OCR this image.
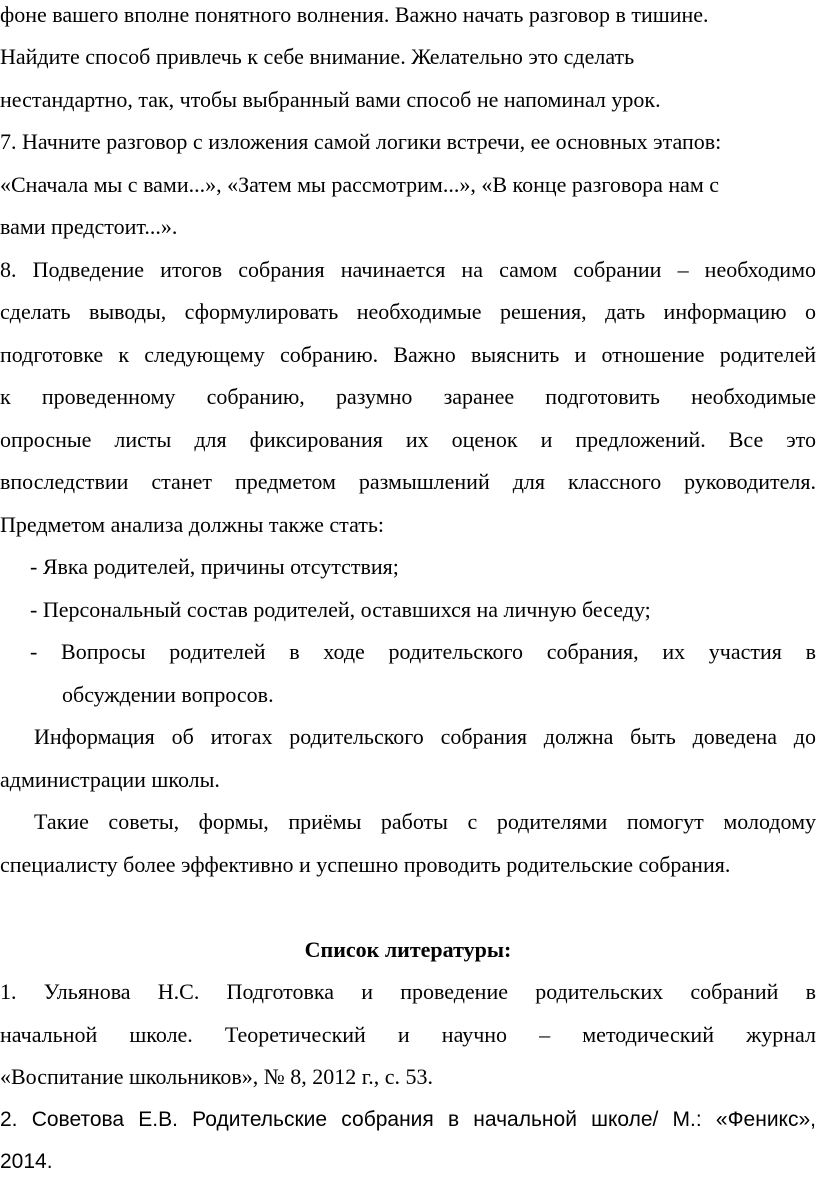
фоне вашего вполне понятного волнения. Важно начать разговор в тишине.
Найдите способ привлечь к себе внимание. Желательно это сделать
нестандартно, так, чтобы выбранный вами способ не напоминал урок.
7. Начните разговор с изложения самой логики встречи, ее основных этапов:
«Сначала мы с вами...», «Затем мы рассмотрим...», «В конце разговора нам с
вами предстоит...».
8. Подведение итогов собрания начинается на самом собрании – необходимо
сделать выводы, сформулировать необходимые решения, дать информацию о
подготовке к следующему собранию. Важно выяснить и отношение родителей
к проведенному собранию, разумно заранее подготовить необходимые
опросные листы для фиксирования их оценок и предложений. Все это
впоследствии станет предметом размышлений для классного руководителя.
Предметом анализа должны также стать:
- Явка родителей, причины отсутствия;
- Персональный состав родителей, оставшихся на личную беседу;
- Вопросы родителей в ходе родительского собрания, их участия в
обсуждении вопросов.
Информация об итогах родительского собрания должна быть доведена до
администрации школы.
Такие советы, формы, приёмы работы с родителями помогут молодому
специалисту более эффективно и успешно проводить родительские собрания.
Список литературы:
1. Ульянова Н.С. Подготовка и проведение родительских собраний в
начальной школе. Теоретический и научно – методический журнал
«Воспитание школьников», № 8, 2012 г., с. 53.
2. Советова Е.В. Родительские собрания в начальной школе/ М.: «Феникс»,
2014.
